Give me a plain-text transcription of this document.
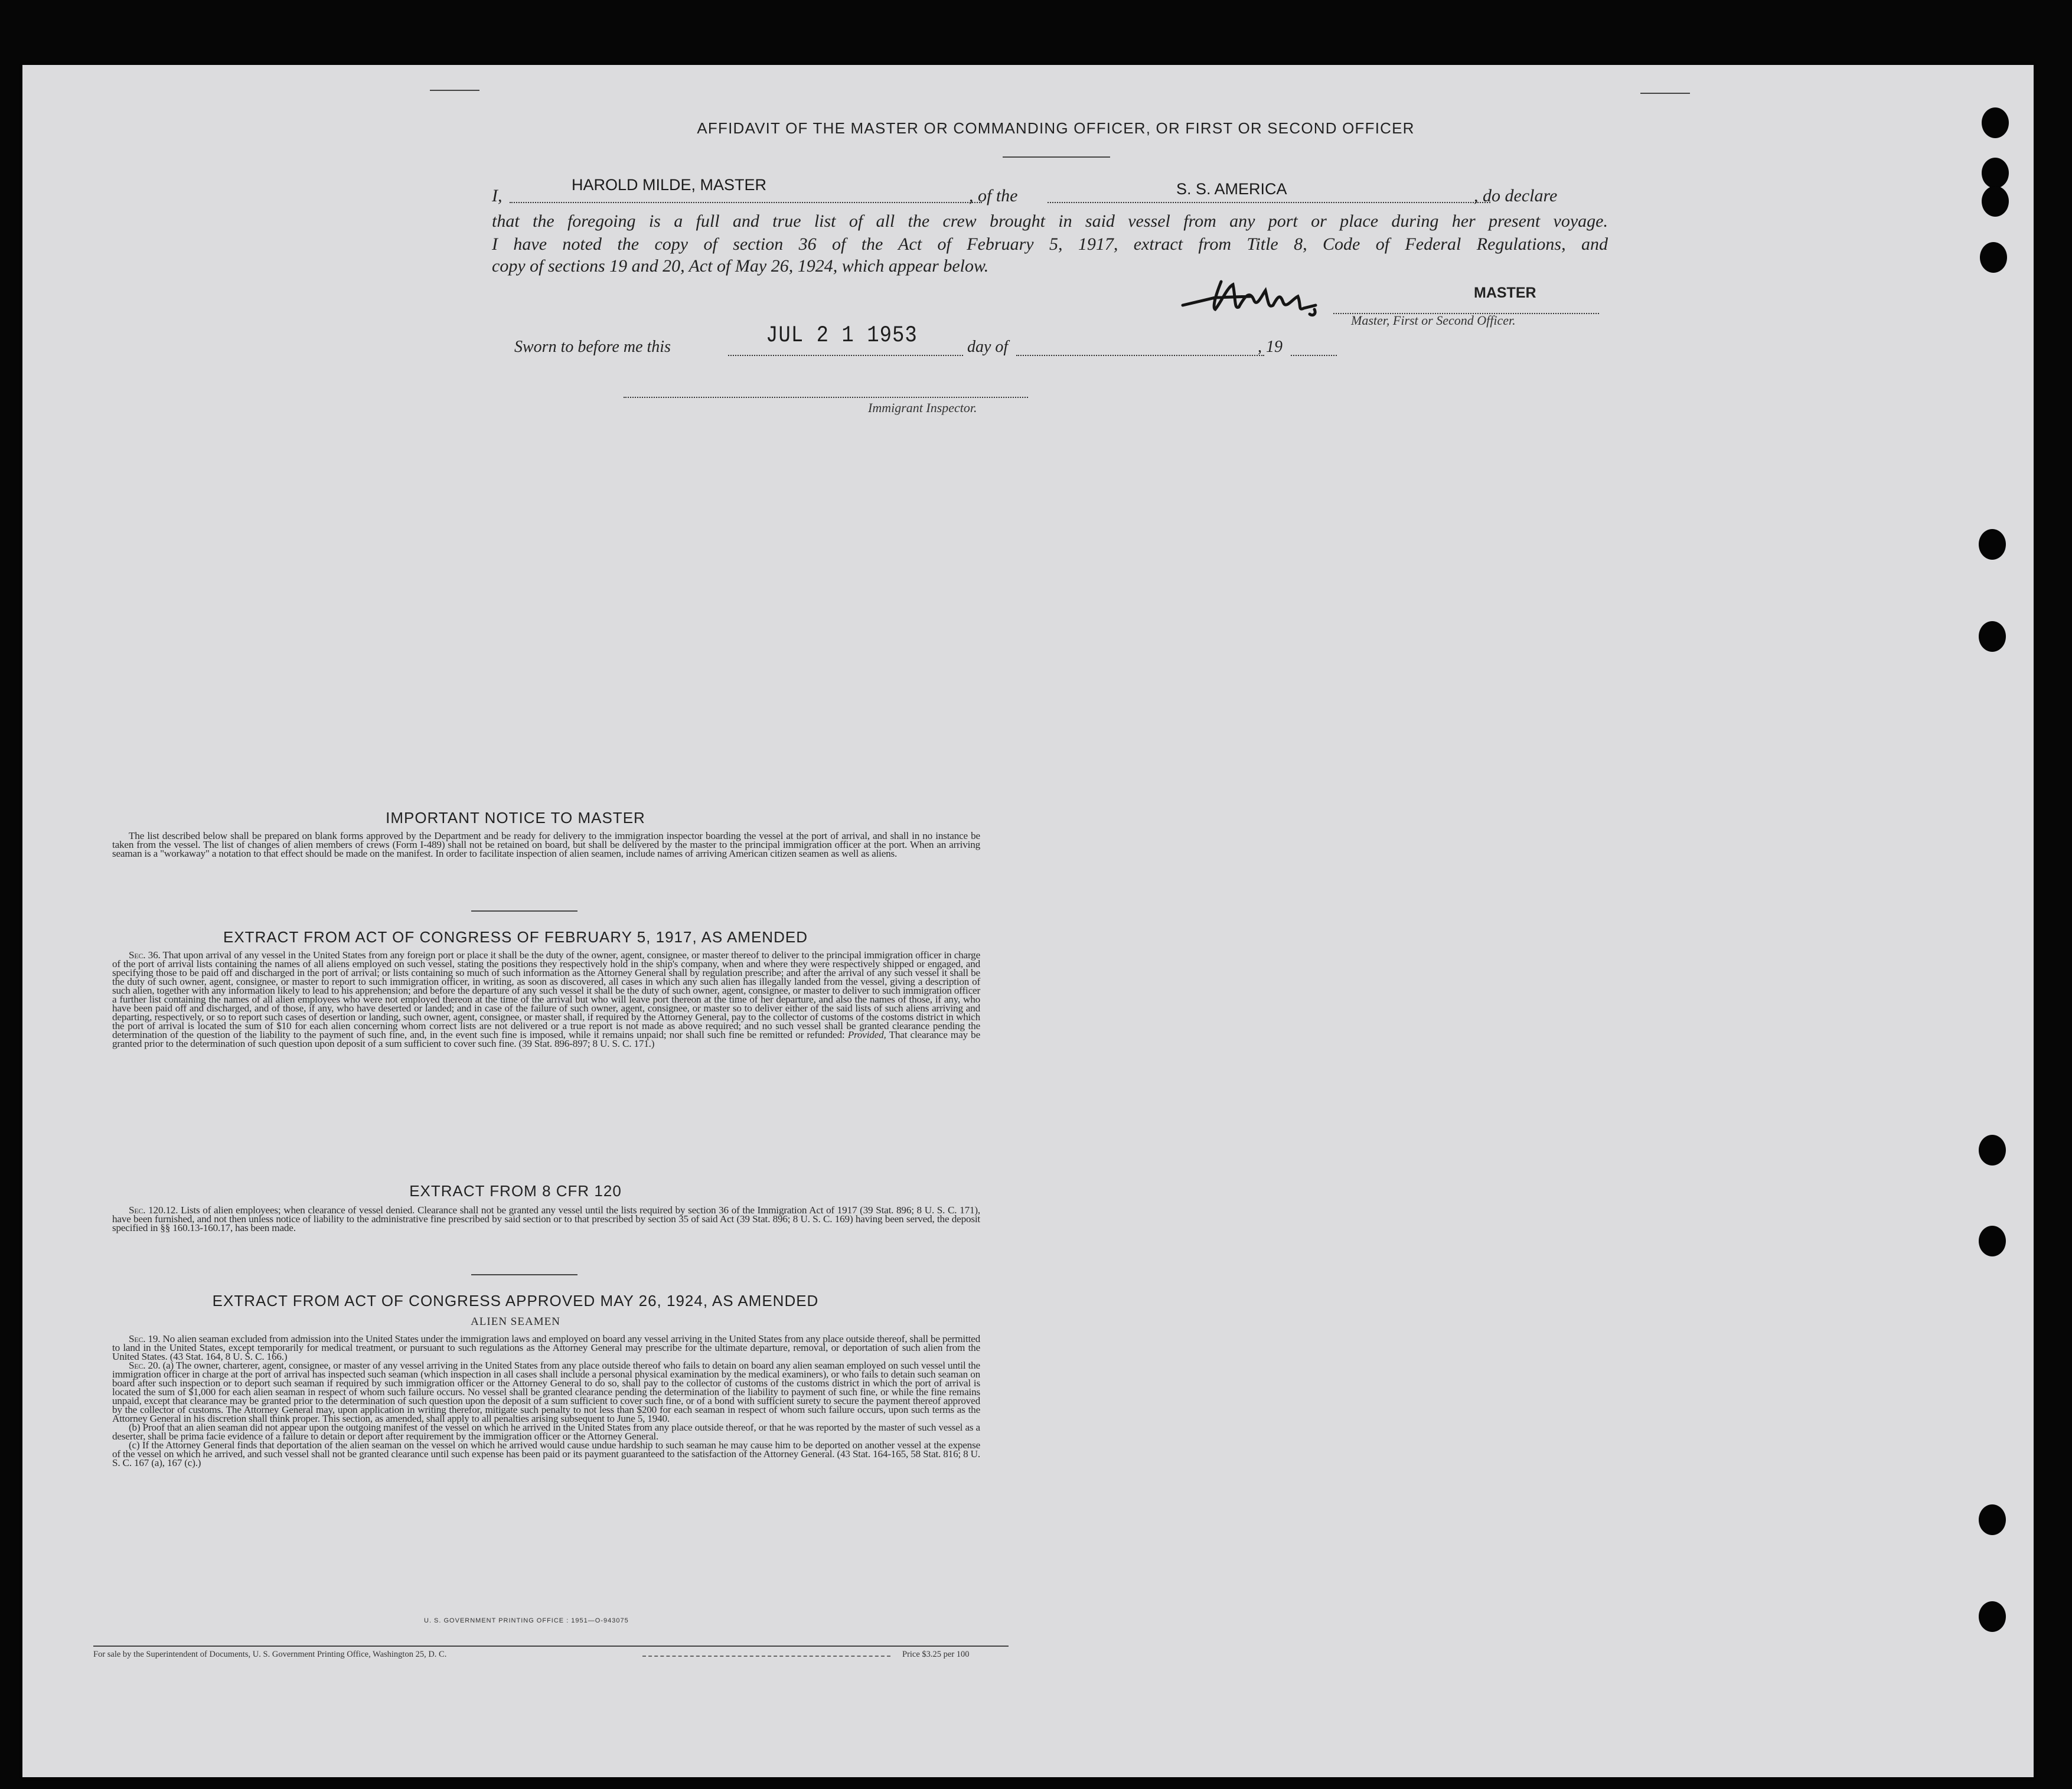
AFFIDAVIT OF THE MASTER OR COMMANDING OFFICER, OR FIRST OR SECOND OFFICER
I,
HAROLD MILDE, MASTER
, of the	S. S. AMERICA	, do declare
that the foregoing is a full and true list of all the crew brought in said vessel from any port or place during her present voyage.
I have noted the copy of section 36 of the Act of February 5, 1917, extract from Title 8, Code of Federal Regulations, and
copy of sections 19 and 20, Act of May 26, 1924, which appear below.
MASTER
Master, First or Second Officer.
Sworn to before me this	JUL 2 1 1953	day of	, 19
Immigrant Inspector.
IMPORTANT NOTICE TO MASTER

The list described below shall be prepared on blank forms approved by the Department and be ready for delivery to the immigration inspector boarding the vessel at the port of arrival, and shall in no instance be taken from the vessel. The list of changes of alien members of crews (Form I-489) shall not be retained on board, but shall be delivered by the master to the principal immigration officer at the port. When an arriving seaman is a "workaway" a notation to that effect should be made on the manifest. In order to facilitate inspection of alien seamen, include names of arriving American citizen seamen as well as aliens.

EXTRACT FROM ACT OF CONGRESS OF FEBRUARY 5, 1917, AS AMENDED

Sec. 36. That upon arrival of any vessel in the United States from any foreign port or place it shall be the duty of the owner, agent, consignee, or master thereof to deliver to the principal immigration officer in charge of the port of arrival lists containing the names of all aliens employed on such vessel, stating the positions they respectively hold in the ship's company, when and where they were respectively shipped or engaged, and specifying those to be paid off and discharged in the port of arrival; or lists containing so much of such information as the Attorney General shall by regulation prescribe; and after the arrival of any such vessel it shall be the duty of such owner, agent, consignee, or master to report to such immigration officer, in writing, as soon as discovered, all cases in which any such alien has illegally landed from the vessel, giving a description of such alien, together with any information likely to lead to his apprehension; and before the departure of any such vessel it shall be the duty of such owner, agent, consignee, or master to deliver to such immigration officer a further list containing the names of all alien employees who were not employed thereon at the time of the arrival but who will leave port thereon at the time of her departure, and also the names of those, if any, who have been paid off and discharged, and of those, if any, who have deserted or landed; and in case of the failure of such owner, agent, consignee, or master so to deliver either of the said lists of such aliens arriving and departing, respectively, or so to report such cases of desertion or landing, such owner, agent, consignee, or master shall, if required by the Attorney General, pay to the collector of customs of the costoms district in which the port of arrival is located the sum of $10 for each alien concerning whom correct lists are not delivered or a true report is not made as above required; and no such vessel shall be granted clearance pending the determination of the question of the liability to the payment of such fine, and, in the event such fine is imposed, while it remains unpaid; nor shall such fine be remitted or refunded: Provided, That clearance may be granted prior to the determination of such question upon deposit of a sum sufficient to cover such fine. (39 Stat. 896-897; 8 U. S. C. 171.)

EXTRACT FROM 8 CFR 120

Sec. 120.12. Lists of alien employees; when clearance of vessel denied. Clearance shall not be granted any vessel until the lists required by section 36 of the Immigration Act of 1917 (39 Stat. 896; 8 U. S. C. 171), have been furnished, and not then unless notice of liability to the administrative fine prescribed by said section or to that prescribed by section 35 of said Act (39 Stat. 896; 8 U. S. C. 169) having been served, the deposit specified in §§ 160.13-160.17, has been made.

EXTRACT FROM ACT OF CONGRESS APPROVED MAY 26, 1924, AS AMENDED
ALIEN SEAMEN

Sec. 19. No alien seaman excluded from admission into the United States under the immigration laws and employed on board any vessel arriving in the United States from any place outside thereof, shall be permitted to land in the United States, except temporarily for medical treatment, or pursuant to such regulations as the Attorney General may prescribe for the ultimate departure, removal, or deportation of such alien from the United States. (43 Stat. 164, 8 U. S. C. 166.)

Sec. 20. (a) The owner, charterer, agent, consignee, or master of any vessel arriving in the United States from any place outside thereof who fails to detain on board any alien seaman employed on such vessel until the immigration officer in charge at the port of arrival has inspected such seaman (which inspection in all cases shall include a personal physical examination by the medical examiners), or who fails to detain such seaman on board after such inspection or to deport such seaman if required by such immigration officer or the Attorney General to do so, shall pay to the collector of customs of the customs district in which the port of arrival is located the sum of $1,000 for each alien seaman in respect of whom such failure occurs. No vessel shall be granted clearance pending the determination of the liability to payment of such fine, or while the fine remains unpaid, except that clearance may be granted prior to the determination of such question upon the deposit of a sum sufficient to cover such fine, or of a bond with sufficient surety to secure the payment thereof approved by the collector of customs. The Attorney General may, upon application in writing therefor, mitigate such penalty to not less than $200 for each seaman in respect of whom such failure occurs, upon such terms as the Attorney General in his discretion shall think proper. This section, as amended, shall apply to all penalties arising subsequent to June 5, 1940.

(b) Proof that an alien seaman did not appear upon the outgoing manifest of the vessel on which he arrived in the United States from any place outside thereof, or that he was reported by the master of such vessel as a deserter, shall be prima facie evidence of a failure to detain or deport after requirement by the immigration officer or the Attorney General.

(c) If the Attorney General finds that deportation of the alien seaman on the vessel on which he arrived would cause undue hardship to such seaman he may cause him to be deported on another vessel at the expense of the vessel on which he arrived, and such vessel shall not be granted clearance until such expense has been paid or its payment guaranteed to the satisfaction of the Attorney General. (43 Stat. 164-165, 58 Stat. 816; 8 U. S. C. 167 (a), 167 (c).)

U. S. GOVERNMENT PRINTING OFFICE : 1951—O-943075
For sale by the Superintendent of Documents, U. S. Government Printing Office, Washington 25, D. C.	Price $3.25 per 100
